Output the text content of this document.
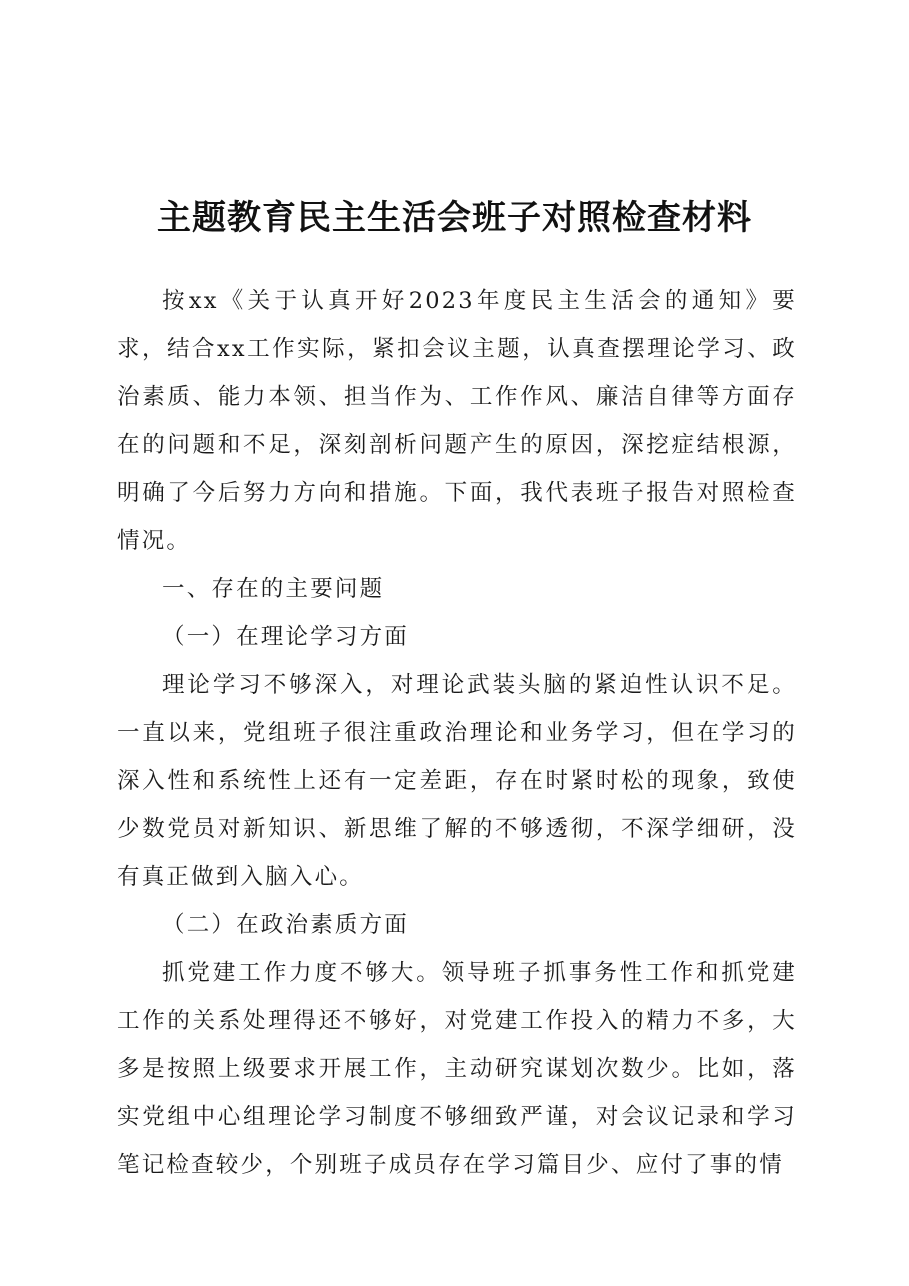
主题教育民主生活会班子对照检查材料

按xx《关于认真开好2023年度民主生活会的通知》要求，结合xx工作实际，紧扣会议主题，认真查摆理论学习、政治素质、能力本领、担当作为、工作作风、廉洁自律等方面存在的问题和不足，深刻剖析问题产生的原因，深挖症结根源，明确了今后努力方向和措施。下面，我代表班子报告对照检查情况。

一、存在的主要问题

（一）在理论学习方面

理论学习不够深入，对理论武装头脑的紧迫性认识不足。一直以来，党组班子很注重政治理论和业务学习，但在学习的深入性和系统性上还有一定差距，存在时紧时松的现象，致使少数党员对新知识、新思维了解的不够透彻，不深学细研，没有真正做到入脑入心。

（二）在政治素质方面

抓党建工作力度不够大。领导班子抓事务性工作和抓党建工作的关系处理得还不够好，对党建工作投入的精力不多，大多是按照上级要求开展工作，主动研究谋划次数少。比如，落实党组中心组理论学习制度不够细致严谨，对会议记录和学习笔记检查较少，个别班子成员存在学习篇目少、应付了事的情
